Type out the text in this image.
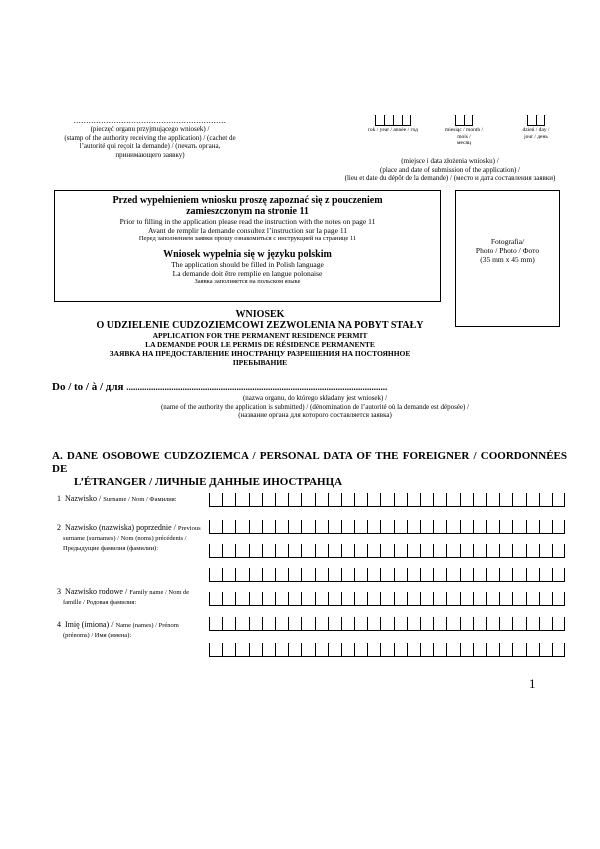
.............................................................
(pieczęć organu przyjmującego wniosek) /
(stamp of the authority receiving the application) / (cachet de
l’autorité qui reçoit la demande) / (печать органа,
принимающего заявку)
rok / year / année / год	miesiąc / month / mois /
месяц
dzień / day /
jour / день
(miejsce i data złożenia wniosku) /
(place and date of submission of the application) /
(lieu et date du dépôt de la demande) / (место и дата составления заявки)
Przed wypełnieniem wniosku proszę zapoznać się z pouczeniem
zamieszczonym na stronie 11
Prior to filling in the application please read the instruction with the notes on page 11
Avant de remplir la demande consultez l’instruction sur la page 11
Перед заполнением заявки прошу ознакомиться с инструкцией на странице 11
Wniosek wypełnia się w języku polskim
The application should be filled in Polish language
La demande doit être remplie en langue polonaise
Заявка заполняется на польском языке
Fotografia/
Photo / Photo / Фото
(35 mm x 45 mm)
WNIOSEK
O UDZIELENIE CUDZOZIEMCOWI ZEZWOLENIA NA POBYT STAŁY
APPLICATION FOR THE PERMANENT RESIDENCE PERMIT
LA DEMANDE POUR LE PERMIS DE RÉSIDENCE PERMANENTE
ЗАЯВКА НА ПРЕДОСТАВЛЕНИЕ ИНОСТРАНЦУ РАЗРЕШЕНИЯ НА ПОСТОЯННОЕ
ПРЕБЫВАНИЕ
Do / to / à / для ....................................................................................................................
(nazwa organu, do którego składany jest wniosek) /
(name of the authority the application is submitted) / (dénomination de l’autorité où la demande est déposée) /
(название органа для которого составляется заявка)
A. DANE OSOBOWE CUDZOZIEMCA / PERSONAL DATA OF THE FOREIGNER / COORDONNÉES DE
L’ÉTRANGER / ЛИЧНЫЕ ДАННЫЕ ИНОСТРАНЦА
1 Nazwisko / Surname / Nom / Фамилия:
2 Nazwisko (nazwiska) poprzednie / Previous
surname (surnames) / Nom (noms) précédents /
Предыдущие фамилия (фамилии):
3 Nazwisko rodowe / Family name / Nom de
famille / Родовая фамилия:
4 Imię (imiona) / Name (names) / Prénom
(prénoms) / Имя (имена):
1
